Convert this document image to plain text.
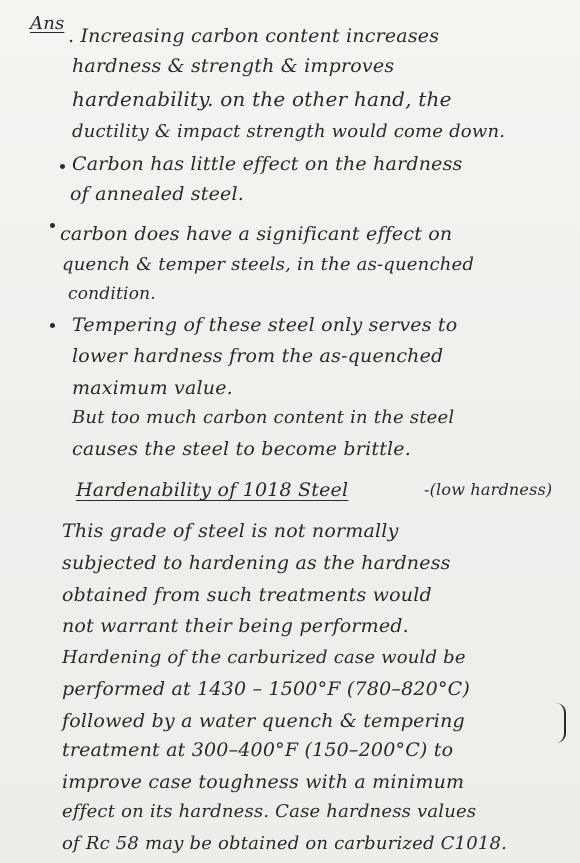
Ans
. Increasing carbon content increases
hardness & strength & improves
hardenability. on the other hand, the
ductility & impact strength would come down.
Carbon has little effect on the hardness
of annealed steel.
carbon does have a significant effect on
quench & temper steels, in the as-quenched
condition.
Tempering of these steel only serves to
lower hardness from the as-quenched
maximum value.
But too much carbon content in the steel
causes the steel to become brittle.
Hardenability of 1018 Steel	-(low hardness)
This grade of steel is not normally
subjected to hardening as the hardness
obtained from such treatments would
not warrant their being performed.
Hardening of the carburized case would be
performed at 1430 – 1500°F (780–820°C)
followed by a water quench & tempering
treatment at 300–400°F (150–200°C) to
improve case toughness with a minimum
effect on its hardness. Case hardness values
of Rc 58 may be obtained on carburized C1018.
